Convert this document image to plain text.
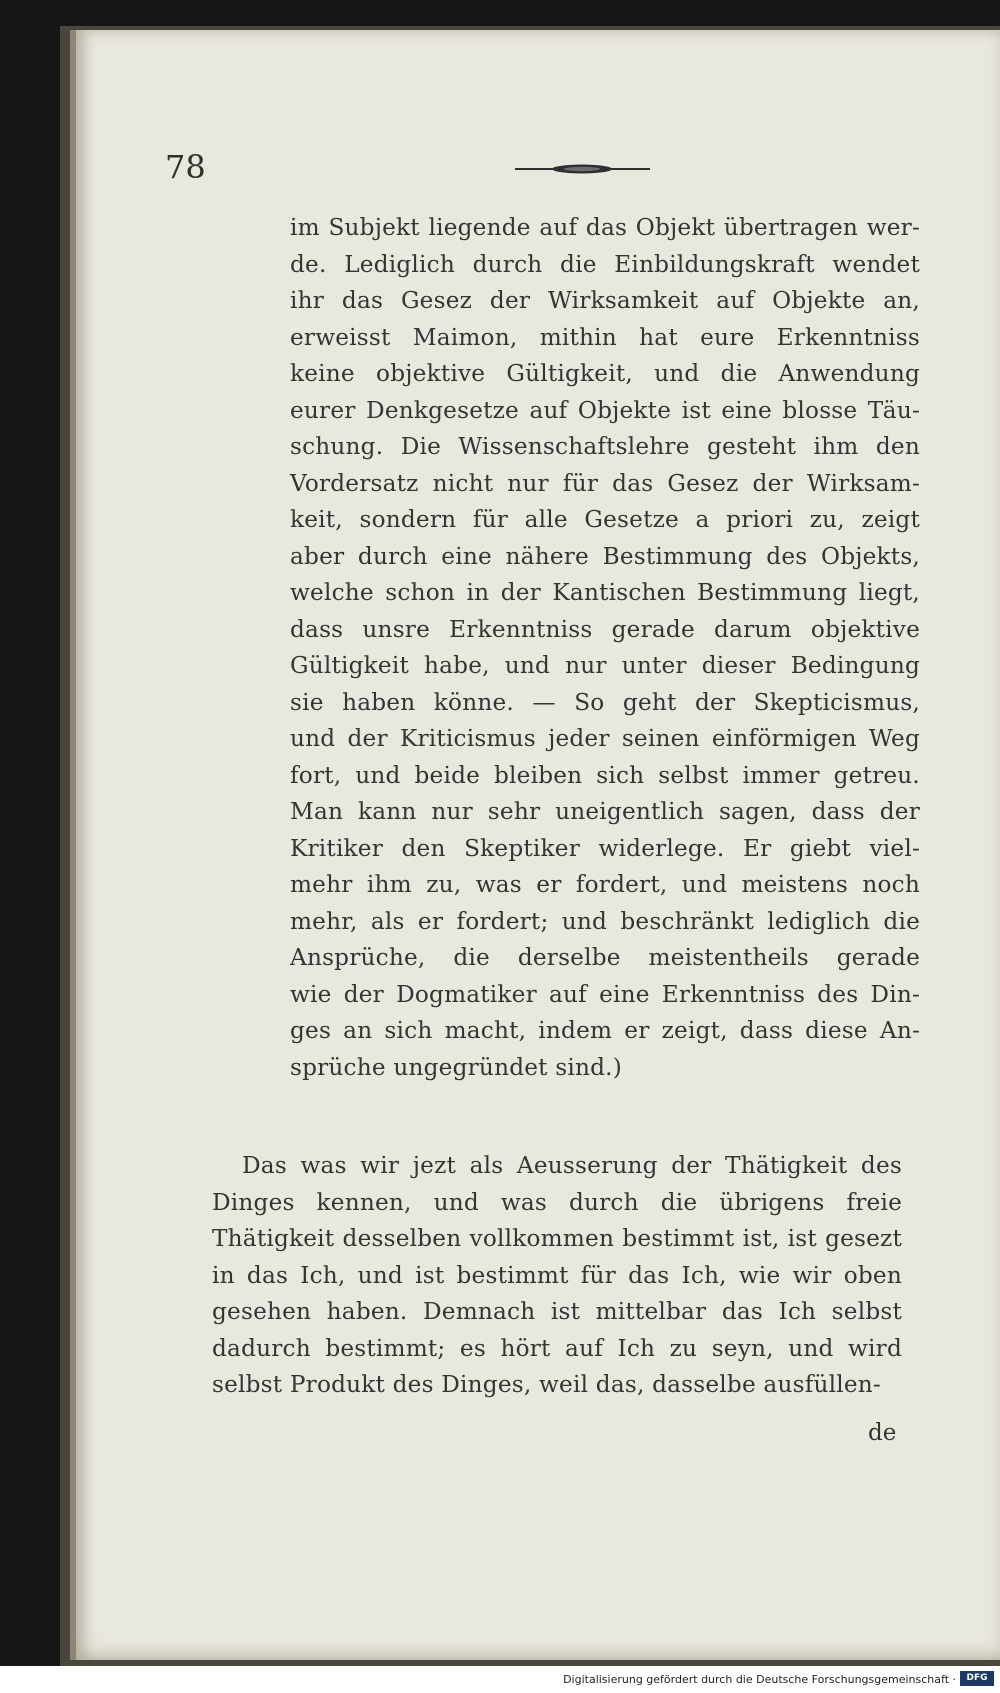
78
im Subjekt liegende auf das Objekt übertragen wer-
de. Lediglich durch die Einbildungskraft wendet
ihr das Gesez der Wirksamkeit auf Objekte an,
erweisst Maimon, mithin hat eure Erkenntniss
keine objektive Gültigkeit, und die Anwendung
eurer Denkgesetze auf Objekte ist eine blosse Täu-
schung. Die Wissenschaftslehre gesteht ihm den
Vordersatz nicht nur für das Gesez der Wirksam-
keit, sondern für alle Gesetze a priori zu, zeigt
aber durch eine nähere Bestimmung des Objekts,
welche schon in der Kantischen Bestimmung liegt,
dass unsre Erkenntniss gerade darum objektive
Gültigkeit habe, und nur unter dieser Bedingung
sie haben könne. — So geht der Skepticismus,
und der Kriticismus jeder seinen einförmigen Weg
fort, und beide bleiben sich selbst immer getreu.
Man kann nur sehr uneigentlich sagen, dass der
Kritiker den Skeptiker widerlege. Er giebt viel-
mehr ihm zu, was er fordert, und meistens noch
mehr, als er fordert; und beschränkt lediglich die
Ansprüche, die derselbe meistentheils gerade
wie der Dogmatiker auf eine Erkenntniss des Din-
ges an sich macht, indem er zeigt, dass diese An-
sprüche ungegründet sind.)
Das was wir jezt als Aeusserung der Thätigkeit des
Dinges kennen, und was durch die übrigens freie
Thätigkeit desselben vollkommen bestimmt ist, ist gesezt
in das Ich, und ist bestimmt für das Ich, wie wir oben
gesehen haben. Demnach ist mittelbar das Ich selbst
dadurch bestimmt; es hört auf Ich zu seyn, und wird
selbst Produkt des Dinges, weil das, dasselbe ausfüllen-
de
Digitalisierung gefördert durch die Deutsche Forschungsgemeinschaft ·	DFG
